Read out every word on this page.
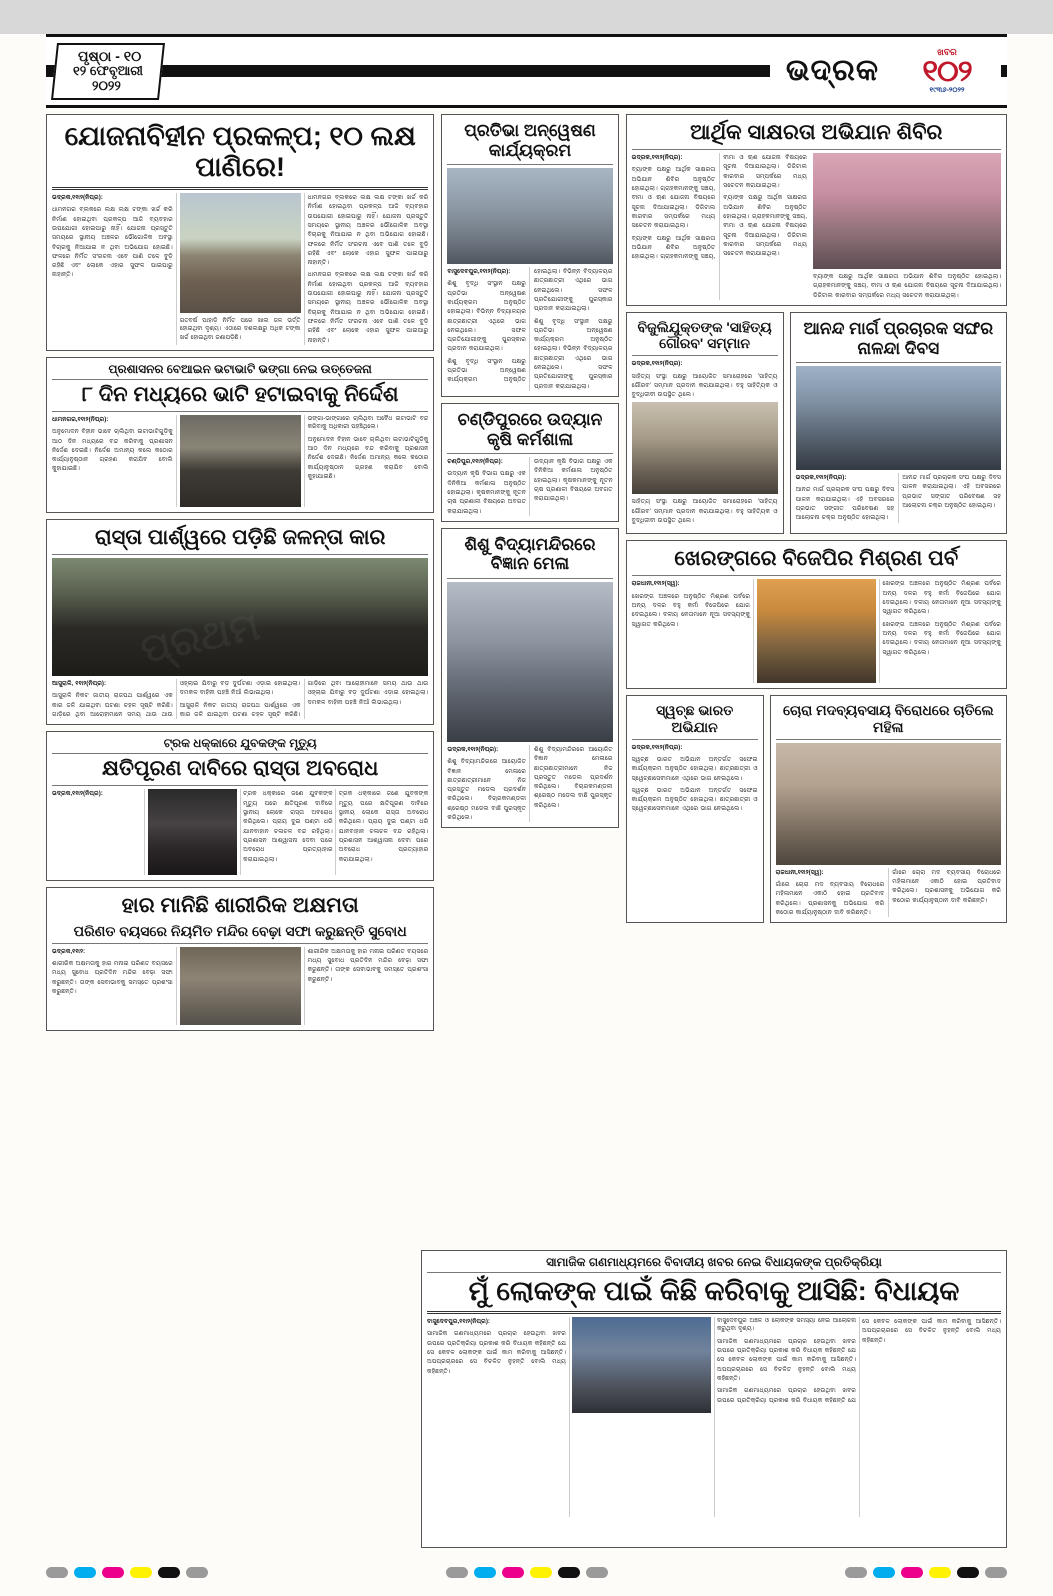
ପୃଷ୍ଠା - ୧୦
୧୨ ଫେବୃଆରୀ
୨୦୨୨	ଭଦ୍ରକ
ଖବର
୧୦୨
୧୯୩୬-୨୦୨୨
ଯୋଜନାବିହୀନ ପ୍ରକଳ୍ପ; ୧୦ ଲକ୍ଷ ପାଣିରେ!

ଭଦ୍ରକ,୧୧ା୨(ନିପ୍ର):

ଧାମନଗର ବ୍ଲକରେ ଲକ୍ଷ ଲକ୍ଷ ଟଙ୍କା ଖର୍ଚ୍ଚ କରି ନିର୍ମାଣ ହୋଇଥିବା ପ୍ରକଳ୍ପ ଆଜି ବ୍ୟବହାର ଉପଯୋଗୀ ହୋଇପାରୁ ନାହିଁ। ଯୋଜନା ପ୍ରସ୍ତୁତି ସମୟରେ ସ୍ଥାନୀୟ ଅଞ୍ଚଳର ଭୌଗୋଳିକ ଅବସ୍ଥା ବିଚାରକୁ ନିଆଯାଇ ନ ଥିବା ଅଭିଯୋଗ ହୋଇଛି। ଫଳରେ ନିର୍ମିତ ସଂରଚନା ଏବେ ପାଣି ତଳେ ବୁଡ଼ି ରହିଛି ଏବଂ ଲୋକେ ଏହାର ସୁଫଳ ପାଇପାରୁ ନାହାନ୍ତି।

ଗତବର୍ଷ ପାହାଡ଼ି ନିର୍ମିତ ପରେ ଖାଲ ଜଳ ଭର୍ତ୍ତି ହୋଇଥିବା ଦୃଶ୍ୟ। ଏଠାରେ ଦଶଲକ୍ଷରୁ ଅଧିକ ଟଙ୍କା ଖର୍ଚ୍ଚ ହୋଇଥିବା ଜଣାପଡ଼ିଛି।

ଧାମନଗର ବ୍ଲକରେ ଲକ୍ଷ ଲକ୍ଷ ଟଙ୍କା ଖର୍ଚ୍ଚ କରି ନିର୍ମାଣ ହୋଇଥିବା ପ୍ରକଳ୍ପ ଆଜି ବ୍ୟବହାର ଉପଯୋଗୀ ହୋଇପାରୁ ନାହିଁ। ଯୋଜନା ପ୍ରସ୍ତୁତି ସମୟରେ ସ୍ଥାନୀୟ ଅଞ୍ଚଳର ଭୌଗୋଳିକ ଅବସ୍ଥା ବିଚାରକୁ ନିଆଯାଇ ନ ଥିବା ଅଭିଯୋଗ ହୋଇଛି। ଫଳରେ ନିର୍ମିତ ସଂରଚନା ଏବେ ପାଣି ତଳେ ବୁଡ଼ି ରହିଛି ଏବଂ ଲୋକେ ଏହାର ସୁଫଳ ପାଇପାରୁ ନାହାନ୍ତି।

ଧାମନଗର ବ୍ଲକରେ ଲକ୍ଷ ଲକ୍ଷ ଟଙ୍କା ଖର୍ଚ୍ଚ କରି ନିର୍ମାଣ ହୋଇଥିବା ପ୍ରକଳ୍ପ ଆଜି ବ୍ୟବହାର ଉପଯୋଗୀ ହୋଇପାରୁ ନାହିଁ। ଯୋଜନା ପ୍ରସ୍ତୁତି ସମୟରେ ସ୍ଥାନୀୟ ଅଞ୍ଚଳର ଭୌଗୋଳିକ ଅବସ୍ଥା ବିଚାରକୁ ନିଆଯାଇ ନ ଥିବା ଅଭିଯୋଗ ହୋଇଛି। ଫଳରେ ନିର୍ମିତ ସଂରଚନା ଏବେ ପାଣି ତଳେ ବୁଡ଼ି ରହିଛି ଏବଂ ଲୋକେ ଏହାର ସୁଫଳ ପାଇପାରୁ ନାହାନ୍ତି।

ପ୍ରଶାସନର ବେଆଇନ ଭଟାଭାଟି ଭଙ୍ଗା ନେଇ ଉତ୍ତେଜନା
୮ ଦିନ ମଧ୍ୟରେ ଭାଟି ହଟାଇବାକୁ ନିର୍ଦ୍ଦେଶ

ଧାମନଗର,୧୧ା୨(ନିପ୍ର):

ଅନୁମୋଦନ ବିହୀନ ଭାବେ ଚାଲିଥିବା ଇଟାଭାଟିଗୁଡ଼ିକୁ ଆଠ ଦିନ ମଧ୍ୟରେ ବନ୍ଦ କରିବାକୁ ପ୍ରଶାସନ ନିର୍ଦ୍ଦେଶ ଦେଇଛି। ନିର୍ଦ୍ଦେଶ ଅମାନ୍ୟ କଲେ କଠୋର କାର୍ଯ୍ୟାନୁଷ୍ଠାନ ଗ୍ରହଣ କରାଯିବ ବୋଲି କୁହାଯାଇଛି।

ଭଙ୍ଗା-ଭାଙ୍ଗାରେ ଚାଲିଥିବା ଅବୈଧ ଇଟାଭାଟି ବନ୍ଦ କରିବାକୁ ଅଧିକାରୀ ପହଞ୍ଚିଥିଲେ।

ଅନୁମୋଦନ ବିହୀନ ଭାବେ ଚାଲିଥିବା ଇଟାଭାଟିଗୁଡ଼ିକୁ ଆଠ ଦିନ ମଧ୍ୟରେ ବନ୍ଦ କରିବାକୁ ପ୍ରଶାସନ ନିର୍ଦ୍ଦେଶ ଦେଇଛି। ନିର୍ଦ୍ଦେଶ ଅମାନ୍ୟ କଲେ କଠୋର କାର୍ଯ୍ୟାନୁଷ୍ଠାନ ଗ୍ରହଣ କରାଯିବ ବୋଲି କୁହାଯାଇଛି।

ରାସ୍ତା ପାର୍ଶ୍ୱରେ ପଡ଼ିଛି ଜଳନ୍ତା କାର

ଆସୁରାଳି, ୧୧ା୨(ନିପ୍ର):

ଆସୁରାଳି ନିକଟ ଜାତୀୟ ରାଜପଥ ପାର୍ଶ୍ୱରେ ଏକ କାର ଜଳି ଯାଇଥିବା ଘଟଣା ଚହଳ ସୃଷ୍ଟି କରିଛି। ଗାଡ଼ିରେ ଥିବା ଆରୋହୀମାନେ ସମୟ ଥାଉ ଥାଉ ଓହ୍ଲାଇ ଯିବାରୁ ବଡ଼ ଦୁର୍ଘଟଣା ଏଡ଼ାଇ ହୋଇଥିଲା। ଦମକଳ ବାହିନୀ ପହଞ୍ଚି ନିଆଁ ଲିଭାଇଥିଲା।

ଆସୁରାଳି ନିକଟ ଜାତୀୟ ରାଜପଥ ପାର୍ଶ୍ୱରେ ଏକ କାର ଜଳି ଯାଇଥିବା ଘଟଣା ଚହଳ ସୃଷ୍ଟି କରିଛି। ଗାଡ଼ିରେ ଥିବା ଆରୋହୀମାନେ ସମୟ ଥାଉ ଥାଉ ଓହ୍ଲାଇ ଯିବାରୁ ବଡ଼ ଦୁର୍ଘଟଣା ଏଡ଼ାଇ ହୋଇଥିଲା। ଦମକଳ ବାହିନୀ ପହଞ୍ଚି ନିଆଁ ଲିଭାଇଥିଲା।

ଟ୍ରକ ଧକ୍କାରେ ଯୁବକଙ୍କ ମୃତ୍ୟୁ
କ୍ଷତିପୂରଣ ଦାବିରେ ରାସ୍ତା ଅବରୋଧ

ଭଦ୍ରକ,୧୧ା୨(ନିପ୍ର):	ଟ୍ରକ ଧକ୍କାରେ ଜଣେ ଯୁବକଙ୍କ ମୃତ୍ୟୁ ପରେ କ୍ଷତିପୂରଣ ଦାବିରେ ସ୍ଥାନୀୟ ଲୋକେ ରାସ୍ତା ଅବରୋଧ କରିଥିଲେ। ପ୍ରାୟ ଦୁଇ ଘଣ୍ଟା ଧରି ଯାନବାହାନ ଚଳାଚଳ ବନ୍ଦ ରହିଥିଲା। ପ୍ରଶାସନ ଆଶ୍ୱାସନା ଦେବା ପରେ ଅବରୋଧ ପ୍ରତ୍ୟାହାର କରାଯାଇଥିଲା।

ଟ୍ରକ ଧକ୍କାରେ ଜଣେ ଯୁବକଙ୍କ ମୃତ୍ୟୁ ପରେ କ୍ଷତିପୂରଣ ଦାବିରେ ସ୍ଥାନୀୟ ଲୋକେ ରାସ୍ତା ଅବରୋଧ କରିଥିଲେ। ପ୍ରାୟ ଦୁଇ ଘଣ୍ଟା ଧରି ଯାନବାହାନ ଚଳାଚଳ ବନ୍ଦ ରହିଥିଲା। ପ୍ରଶାସନ ଆଶ୍ୱାସନା ଦେବା ପରେ ଅବରୋଧ ପ୍ରତ୍ୟାହାର କରାଯାଇଥିଲା।

ହାର ମାନିଛି ଶାରୀରିକ ଅକ୍ଷମତା
ପରିଣତ ବୟସରେ ନିୟମିତ ମନ୍ଦିର ବେଢ଼ା ସଫା କରୁଛନ୍ତି ସୁବୋଧ

ଭଦ୍ରକ,୧୧ା୨:

ଶାରୀରିକ ଅକ୍ଷମତାକୁ ହାର ମନାଇ ପରିଣତ ବୟସରେ ମଧ୍ୟ ସୁବୋଧ ପ୍ରତିଦିନ ମନ୍ଦିର ବେଢ଼ା ସଫା କରୁଛନ୍ତି। ତାଙ୍କ ସେବାଭାବକୁ ସମସ୍ତେ ପ୍ରଶଂସା କରୁଛନ୍ତି।

ଶାରୀରିକ ଅକ୍ଷମତାକୁ ହାର ମନାଇ ପରିଣତ ବୟସରେ ମଧ୍ୟ ସୁବୋଧ ପ୍ରତିଦିନ ମନ୍ଦିର ବେଢ଼ା ସଫା କରୁଛନ୍ତି। ତାଙ୍କ ସେବାଭାବକୁ ସମସ୍ତେ ପ୍ରଶଂସା କରୁଛନ୍ତି।

ପ୍ରତିଭା ଅନ୍ୱେଷଣ କାର୍ଯ୍ୟକ୍ରମ

ବାସୁଦେବପୁର,୧୧ା୨(ନିପ୍ର):

ଶିଶୁ ବୃଦ୍ଧି ସଂସ୍ଥାନ ପକ୍ଷରୁ ପ୍ରତିଭା ଅନ୍ୱେଷଣ କାର୍ଯ୍ୟକ୍ରମ ଅନୁଷ୍ଠିତ ହୋଇଥିଲା। ବିଭିନ୍ନ ବିଦ୍ୟାଳୟର ଛାତ୍ରଛାତ୍ରୀ ଏଥିରେ ଭାଗ ନେଇଥିଲେ। ସଫଳ ପ୍ରତିଯୋଗୀଙ୍କୁ ପୁରସ୍କାର ପ୍ରଦାନ କରାଯାଇଥିଲା।

ଶିଶୁ ବୃଦ୍ଧି ସଂସ୍ଥାନ ପକ୍ଷରୁ ପ୍ରତିଭା ଅନ୍ୱେଷଣ କାର୍ଯ୍ୟକ୍ରମ ଅନୁଷ୍ଠିତ ହୋଇଥିଲା। ବିଭିନ୍ନ ବିଦ୍ୟାଳୟର ଛାତ୍ରଛାତ୍ରୀ ଏଥିରେ ଭାଗ ନେଇଥିଲେ। ସଫଳ ପ୍ରତିଯୋଗୀଙ୍କୁ ପୁରସ୍କାର ପ୍ରଦାନ କରାଯାଇଥିଲା।

ଶିଶୁ ବୃଦ୍ଧି ସଂସ୍ଥାନ ପକ୍ଷରୁ ପ୍ରତିଭା ଅନ୍ୱେଷଣ କାର୍ଯ୍ୟକ୍ରମ ଅନୁଷ୍ଠିତ ହୋଇଥିଲା। ବିଭିନ୍ନ ବିଦ୍ୟାଳୟର ଛାତ୍ରଛାତ୍ରୀ ଏଥିରେ ଭାଗ ନେଇଥିଲେ। ସଫଳ ପ୍ରତିଯୋଗୀଙ୍କୁ ପୁରସ୍କାର ପ୍ରଦାନ କରାଯାଇଥିଲା।

ଚଣ୍ଡିପୁରରେ ଉଦ୍ୟାନ କୃଷି କର୍ମଶାଳା

ଚଣ୍ଡିପୁର,୧୧ା୨(ନିପ୍ର):

ଉଦ୍ୟାନ କୃଷି ବିଭାଗ ପକ୍ଷରୁ ଏକ ଦିନିକିଆ କର୍ମଶାଳା ଅନୁଷ୍ଠିତ ହୋଇଥିଲା। କୃଷକମାନଙ୍କୁ ନୂତନ ଚାଷ ପ୍ରଣାଳୀ ବିଷୟରେ ଅବଗତ କରାଯାଇଥିଲା।

ଉଦ୍ୟାନ କୃଷି ବିଭାଗ ପକ୍ଷରୁ ଏକ ଦିନିକିଆ କର୍ମଶାଳା ଅନୁଷ୍ଠିତ ହୋଇଥିଲା। କୃଷକମାନଙ୍କୁ ନୂତନ ଚାଷ ପ୍ରଣାଳୀ ବିଷୟରେ ଅବଗତ କରାଯାଇଥିଲା।

ଶିଶୁ ବିଦ୍ୟାମନ୍ଦିରରେ ବିଜ୍ଞାନ ମେଳା

ଭଦ୍ରକ,୧୧ା୨(ନିପ୍ର):

ଶିଶୁ ବିଦ୍ୟାମନ୍ଦିରରେ ଆୟୋଜିତ ବିଜ୍ଞାନ ମେଳାରେ ଛାତ୍ରଛାତ୍ରୀମାନେ ନିଜ ପ୍ରସ୍ତୁତ ମଡେଲ ପ୍ରଦର୍ଶନ କରିଥିଲେ। ବିଚାରକମଣ୍ଡଳୀ ଶ୍ରେଷ୍ଠ ମଡେଲ ବାଛି ପୁରସ୍କୃତ କରିଥିଲେ।

ଶିଶୁ ବିଦ୍ୟାମନ୍ଦିରରେ ଆୟୋଜିତ ବିଜ୍ଞାନ ମେଳାରେ ଛାତ୍ରଛାତ୍ରୀମାନେ ନିଜ ପ୍ରସ୍ତୁତ ମଡେଲ ପ୍ରଦର୍ଶନ କରିଥିଲେ। ବିଚାରକମଣ୍ଡଳୀ ଶ୍ରେଷ୍ଠ ମଡେଲ ବାଛି ପୁରସ୍କୃତ କରିଥିଲେ।

ଆର୍ଥିକ ସାକ୍ଷରତା ଅଭିଯାନ ଶିବିର

ଭଦ୍ରକ,୧୧ା୨(ନିପ୍ର):

ବ୍ୟାଙ୍କ ପକ୍ଷରୁ ଆର୍ଥିକ ସାକ୍ଷରତା ଅଭିଯାନ ଶିବିର ଅନୁଷ୍ଠିତ ହୋଇଥିଲା। ଗ୍ରାହକମାନଙ୍କୁ ସଞ୍ଚୟ, ବୀମା ଓ ଋଣ ଯୋଜନା ବିଷୟରେ ସୂଚନା ଦିଆଯାଇଥିଲା। ଡିଜିଟାଲ କାରବାର ସମ୍ପର୍କରେ ମଧ୍ୟ ସଚେତନ କରାଯାଇଥିଲା।

ବ୍ୟାଙ୍କ ପକ୍ଷରୁ ଆର୍ଥିକ ସାକ୍ଷରତା ଅଭିଯାନ ଶିବିର ଅନୁଷ୍ଠିତ ହୋଇଥିଲା। ଗ୍ରାହକମାନଙ୍କୁ ସଞ୍ଚୟ, ବୀମା ଓ ଋଣ ଯୋଜନା ବିଷୟରେ ସୂଚନା ଦିଆଯାଇଥିଲା। ଡିଜିଟାଲ କାରବାର ସମ୍ପର୍କରେ ମଧ୍ୟ ସଚେତନ କରାଯାଇଥିଲା।

ବ୍ୟାଙ୍କ ପକ୍ଷରୁ ଆର୍ଥିକ ସାକ୍ଷରତା ଅଭିଯାନ ଶିବିର ଅନୁଷ୍ଠିତ ହୋଇଥିଲା। ଗ୍ରାହକମାନଙ୍କୁ ସଞ୍ଚୟ, ବୀମା ଓ ଋଣ ଯୋଜନା ବିଷୟରେ ସୂଚନା ଦିଆଯାଇଥିଲା। ଡିଜିଟାଲ କାରବାର ସମ୍ପର୍କରେ ମଧ୍ୟ ସଚେତନ କରାଯାଇଥିଲା।

ବ୍ୟାଙ୍କ ପକ୍ଷରୁ ଆର୍ଥିକ ସାକ୍ଷରତା ଅଭିଯାନ ଶିବିର ଅନୁଷ୍ଠିତ ହୋଇଥିଲା। ଗ୍ରାହକମାନଙ୍କୁ ସଞ୍ଚୟ, ବୀମା ଓ ଋଣ ଯୋଜନା ବିଷୟରେ ସୂଚନା ଦିଆଯାଇଥିଲା। ଡିଜିଟାଲ କାରବାର ସମ୍ପର୍କରେ ମଧ୍ୟ ସଚେତନ କରାଯାଇଥିଲା।
ବିଜୁଲିଯୁକ୍ତଙ୍କ 'ସାହିତ୍ୟ ଗୌରବ' ସମ୍ମାନ

ଭଦ୍ରକ,୧୧ା୨(ନିପ୍ର):

ସାହିତ୍ୟ ସଂସ୍ଥା ପକ୍ଷରୁ ଆୟୋଜିତ ସମାରୋହରେ 'ସାହିତ୍ୟ ଗୌରବ' ସମ୍ମାନ ପ୍ରଦାନ କରାଯାଇଥିଲା। ବହୁ ସାହିତ୍ୟିକ ଓ ବୁଦ୍ଧିଜୀବୀ ଉପସ୍ଥିତ ଥିଲେ।

ସାହିତ୍ୟ ସଂସ୍ଥା ପକ୍ଷରୁ ଆୟୋଜିତ ସମାରୋହରେ 'ସାହିତ୍ୟ ଗୌରବ' ସମ୍ମାନ ପ୍ରଦାନ କରାଯାଇଥିଲା। ବହୁ ସାହିତ୍ୟିକ ଓ ବୁଦ୍ଧିଜୀବୀ ଉପସ୍ଥିତ ଥିଲେ।

ଆନନ୍ଦ ମାର୍ଗ ପ୍ରଚାରକ ସଙ୍ଘର ନାଳନ୍ଦା ଦିବସ

ଭଦ୍ରକ,୧୧ା୨(ନିପ୍ର):

ଆନନ୍ଦ ମାର୍ଗ ପ୍ରଚାରକ ସଂଘ ପକ୍ଷରୁ ଦିବସ ପାଳନ କରାଯାଇଥିଲା। ଏହି ଅବସରରେ ପ୍ରଭାତ ସଙ୍ଗୀତ ପରିବେଷଣ ସହ ଆଲୋଚନା ଚକ୍ର ଅନୁଷ୍ଠିତ ହୋଇଥିଲା।

ଆନନ୍ଦ ମାର୍ଗ ପ୍ରଚାରକ ସଂଘ ପକ୍ଷରୁ ଦିବସ ପାଳନ କରାଯାଇଥିଲା। ଏହି ଅବସରରେ ପ୍ରଭାତ ସଙ୍ଗୀତ ପରିବେଷଣ ସହ ଆଲୋଚନା ଚକ୍ର ଅନୁଷ୍ଠିତ ହୋଇଥିଲା।

ଖେରଙ୍ଗରେ ବିଜେପିର ମିଶ୍ରଣ ପର୍ବ

ରାଜଧାନୀ,୧୧ା୨(ସ୍ୱ):

ଖେରଙ୍ଗ ଅଞ୍ଚଳରେ ଅନୁଷ୍ଠିତ ମିଶ୍ରଣ ପର୍ବରେ ଅନ୍ୟ ଦଳର ବହୁ କର୍ମୀ ବିଜେପିରେ ଯୋଗ ଦେଇଥିଲେ। ଦଳୀୟ ନେତାମାନେ ନୂଆ ସଦସ୍ୟଙ୍କୁ ସ୍ୱାଗତ କରିଥିଲେ।

ଖେରଙ୍ଗ ଅଞ୍ଚଳରେ ଅନୁଷ୍ଠିତ ମିଶ୍ରଣ ପର୍ବରେ ଅନ୍ୟ ଦଳର ବହୁ କର୍ମୀ ବିଜେପିରେ ଯୋଗ ଦେଇଥିଲେ। ଦଳୀୟ ନେତାମାନେ ନୂଆ ସଦସ୍ୟଙ୍କୁ ସ୍ୱାଗତ କରିଥିଲେ।

ଖେରଙ୍ଗ ଅଞ୍ଚଳରେ ଅନୁଷ୍ଠିତ ମିଶ୍ରଣ ପର୍ବରେ ଅନ୍ୟ ଦଳର ବହୁ କର୍ମୀ ବିଜେପିରେ ଯୋଗ ଦେଇଥିଲେ। ଦଳୀୟ ନେତାମାନେ ନୂଆ ସଦସ୍ୟଙ୍କୁ ସ୍ୱାଗତ କରିଥିଲେ।

ସ୍ୱଚ୍ଛ ଭାରତ ଅଭିଯାନ

ଭଦ୍ରକ,୧୧ା୨(ନିପ୍ର):

ସ୍ୱଚ୍ଛ ଭାରତ ଅଭିଯାନ ଅନ୍ତର୍ଗତ ସଫେଇ କାର୍ଯ୍ୟକ୍ରମ ଅନୁଷ୍ଠିତ ହୋଇଥିଲା। ଛାତ୍ରଛାତ୍ରୀ ଓ ସ୍ୱେଚ୍ଛାସେବୀମାନେ ଏଥିରେ ଭାଗ ନେଇଥିଲେ।

ସ୍ୱଚ୍ଛ ଭାରତ ଅଭିଯାନ ଅନ୍ତର୍ଗତ ସଫେଇ କାର୍ଯ୍ୟକ୍ରମ ଅନୁଷ୍ଠିତ ହୋଇଥିଲା। ଛାତ୍ରଛାତ୍ରୀ ଓ ସ୍ୱେଚ୍ଛାସେବୀମାନେ ଏଥିରେ ଭାଗ ନେଇଥିଲେ।

ଚୋରା ମଦବ୍ୟବସାୟ ବିରୋଧରେ ଚାତିଲେ ମହିଳା

ରାଜଧାନୀ,୧୧ା୨(ସ୍ୱ):

ଗାଁରେ ଚୋରା ମଦ ବ୍ୟବସାୟ ବିରୋଧରେ ମହିଳାମାନେ ଏକାଠି ହୋଇ ପ୍ରତିବାଦ କରିଥିଲେ। ପ୍ରଶାସନକୁ ଅଭିଯୋଗ କରି କଠୋର କାର୍ଯ୍ୟାନୁଷ୍ଠାନ ଦାବି କରିଛନ୍ତି।

ଗାଁରେ ଚୋରା ମଦ ବ୍ୟବସାୟ ବିରୋଧରେ ମହିଳାମାନେ ଏକାଠି ହୋଇ ପ୍ରତିବାଦ କରିଥିଲେ। ପ୍ରଶାସନକୁ ଅଭିଯୋଗ କରି କଠୋର କାର୍ଯ୍ୟାନୁଷ୍ଠାନ ଦାବି କରିଛନ୍ତି।

ସାମାଜିକ ଗଣମାଧ୍ୟମରେ ବିବାଦୀୟ ଖବର ନେଇ ବିଧାୟକଙ୍କ ପ୍ରତିକ୍ରିୟା
ମୁଁ ଲୋକଙ୍କ ପାଇଁ କିଛି କରିବାକୁ ଆସିଛି: ବିଧାୟକ

ବାସୁଦେବପୁର,୧୧ା୨(ନିପ୍ର):

ସାମାଜିକ ଗଣମାଧ୍ୟମରେ ପ୍ରଚାର ହେଉଥିବା ଖବର ଉପରେ ପ୍ରତିକ୍ରିୟା ପ୍ରକାଶ କରି ବିଧାୟକ କହିଛନ୍ତି ଯେ ସେ କେବଳ ଲୋକଙ୍କ ପାଇଁ କାମ କରିବାକୁ ଆସିଛନ୍ତି। ଅପପ୍ରଚାରରେ ସେ ବିଚଳିତ ନୁହନ୍ତି ବୋଲି ମଧ୍ୟ କହିଛନ୍ତି।

ବାସୁଦେବପୁର ଅଞ୍ଚଳ ଓ ଲୋକଙ୍କ ସମସ୍ୟା ନେଇ ଆଲୋଚନା କରୁଥିବା ଦୃଶ୍ୟ।

ସାମାଜିକ ଗଣମାଧ୍ୟମରେ ପ୍ରଚାର ହେଉଥିବା ଖବର ଉପରେ ପ୍ରତିକ୍ରିୟା ପ୍ରକାଶ କରି ବିଧାୟକ କହିଛନ୍ତି ଯେ ସେ କେବଳ ଲୋକଙ୍କ ପାଇଁ କାମ କରିବାକୁ ଆସିଛନ୍ତି। ଅପପ୍ରଚାରରେ ସେ ବିଚଳିତ ନୁହନ୍ତି ବୋଲି ମଧ୍ୟ କହିଛନ୍ତି।

ସାମାଜିକ ଗଣମାଧ୍ୟମରେ ପ୍ରଚାର ହେଉଥିବା ଖବର ଉପରେ ପ୍ରତିକ୍ରିୟା ପ୍ରକାଶ କରି ବିଧାୟକ କହିଛନ୍ତି ଯେ ସେ କେବଳ ଲୋକଙ୍କ ପାଇଁ କାମ କରିବାକୁ ଆସିଛନ୍ତି। ଅପପ୍ରଚାରରେ ସେ ବିଚଳିତ ନୁହନ୍ତି ବୋଲି ମଧ୍ୟ କହିଛନ୍ତି।
